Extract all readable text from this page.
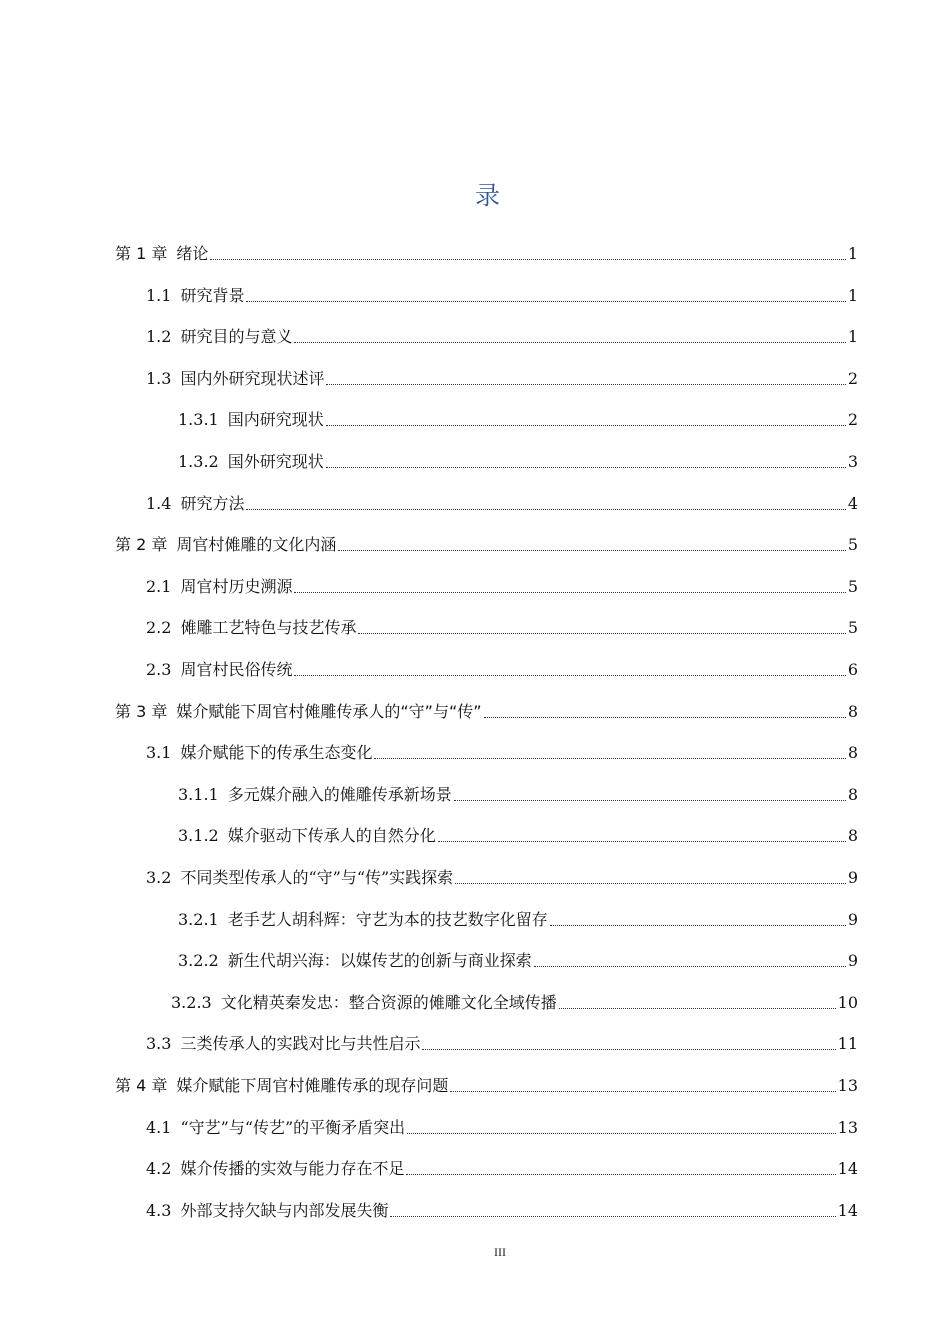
录
第 1 章 绪论	1
1.1 研究背景	1
1.2 研究目的与意义	1
1.3 国内外研究现状述评	2
1.3.1 国内研究现状	2
1.3.2 国外研究现状	3
1.4 研究方法	4
第 2 章 周官村傩雕的文化内涵	5
2.1 周官村历史溯源	5
2.2 傩雕工艺特色与技艺传承	5
2.3 周官村民俗传统	6
第 3 章 媒介赋能下周官村傩雕传承人的“守”与“传”	8
3.1 媒介赋能下的传承生态变化	8
3.1.1 多元媒介融入的傩雕传承新场景	8
3.1.2 媒介驱动下传承人的自然分化	8
3.2 不同类型传承人的“守”与“传”实践探索	9
3.2.1 老手艺人胡科辉：守艺为本的技艺数字化留存	9
3.2.2 新生代胡兴海：以媒传艺的创新与商业探索	9
3.2.3 文化精英秦发忠：整合资源的傩雕文化全域传播	10
3.3 三类传承人的实践对比与共性启示	11
第 4 章 媒介赋能下周官村傩雕传承的现存问题	13
4.1 “守艺”与“传艺”的平衡矛盾突出	13
4.2 媒介传播的实效与能力存在不足	14
4.3 外部支持欠缺与内部发展失衡	14
III
